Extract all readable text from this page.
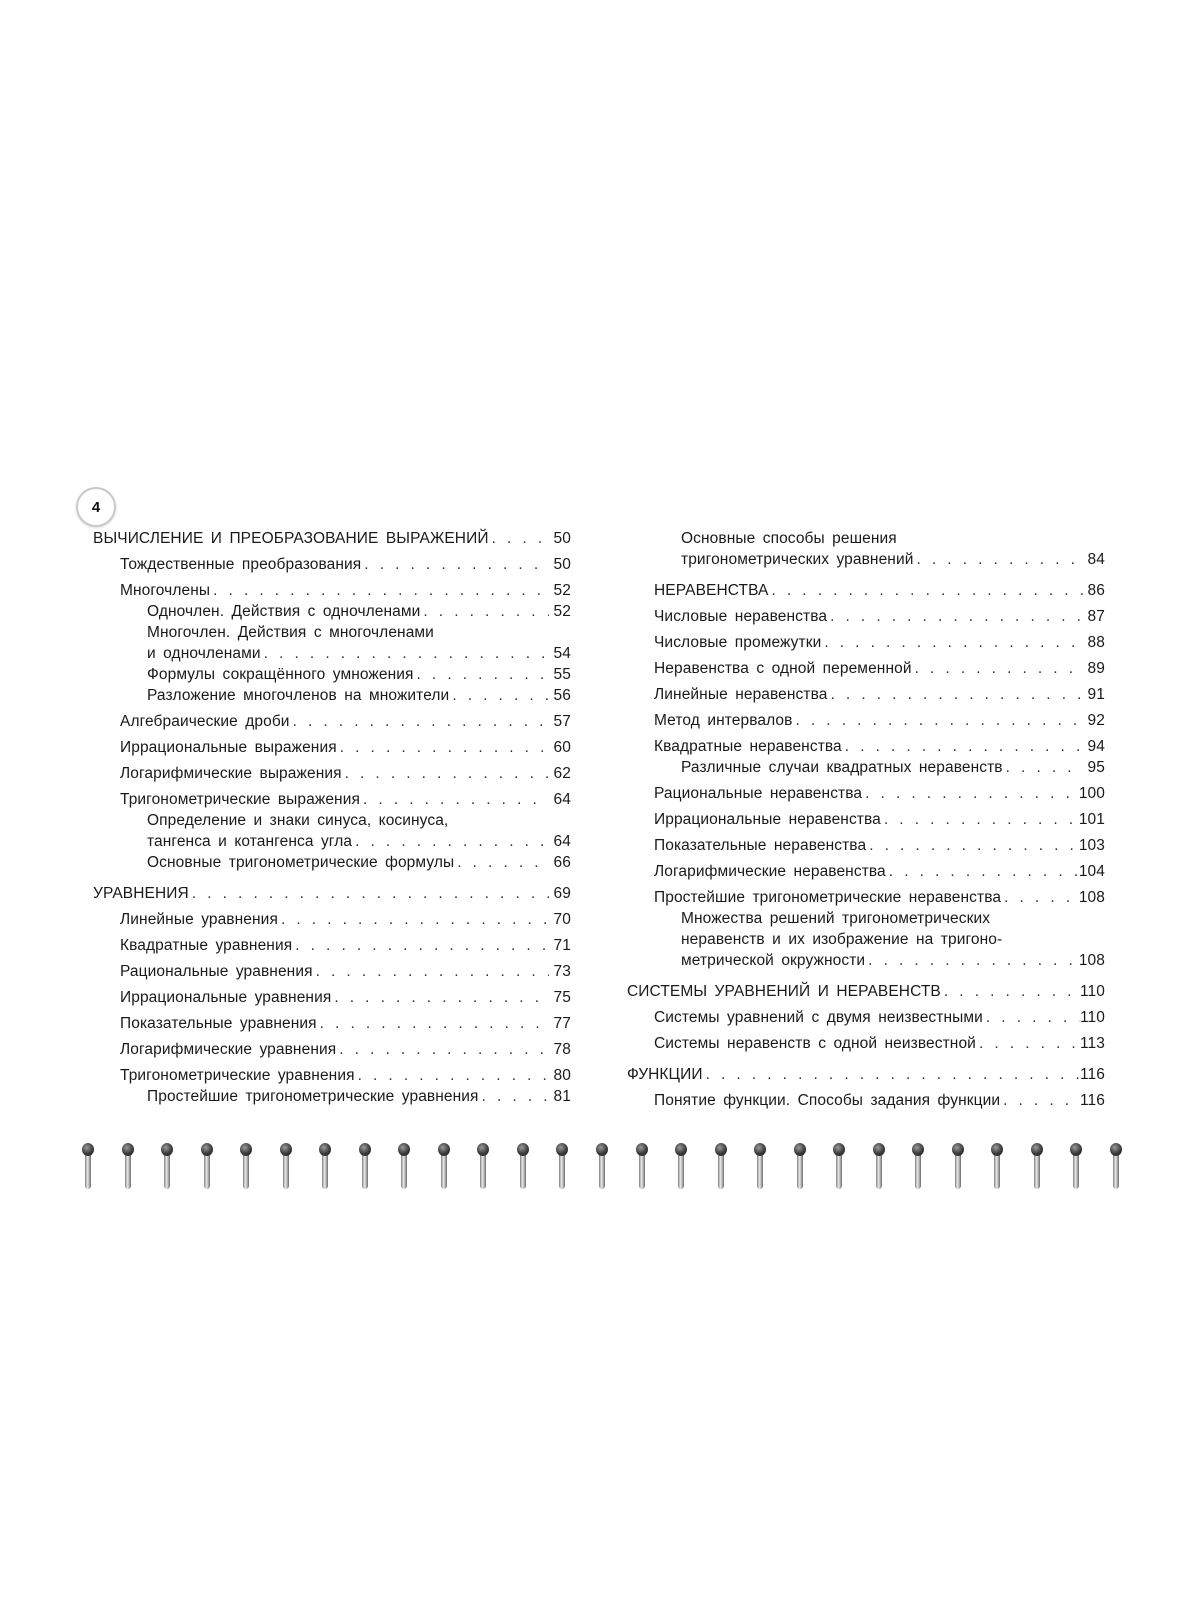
4
ВЫЧИСЛЕНИЕ И ПРЕОБРАЗОВАНИЕ ВЫРАЖЕНИЙ . . .	50
Тождественные преобразования . . .	50
Многочлены . . .	52
Одночлен. Действия с одночленами . . .	52
Многочлен. Действия с многочленами
и одночленами . . .	54
Формулы сокращённого умножения . . .	55
Разложение многочленов на множители . . .	56
Алгебраические дроби . . .	57
Иррациональные выражения . . .	60
Логарифмические выражения . . .	62
Тригонометрические выражения . . .	64
Определение и знаки синуса, косинуса,
тангенса и котангенса угла . . .	64
Основные тригонометрические формулы . . .	66
УРАВНЕНИЯ . . .	69
Линейные уравнения . . .	70
Квадратные уравнения . . .	71
Рациональные уравнения . . .	73
Иррациональные уравнения . . .	75
Показательные уравнения . . .	77
Логарифмические уравнения . . .	78
Тригонометрические уравнения . . .	80
Простейшие тригонометрические уравнения . . .	81
Основные способы решения
тригонометрических уравнений . . .	84
НЕРАВЕНСТВА . . .	86
Числовые неравенства . . .	87
Числовые промежутки . . .	88
Неравенства с одной переменной . . .	89
Линейные неравенства . . .	91
Метод интервалов . . .	92
Квадратные неравенства . . .	94
Различные случаи квадратных неравенств . . .	95
Рациональные неравенства . . .	100
Иррациональные неравенства . . .	101
Показательные неравенства . . .	103
Логарифмические неравенства . . .	104
Простейшие тригонометрические неравенства . . .	108
Множества решений тригонометрических
неравенств и их изображение на тригоно-
метрической окружности . . .	108
СИСТЕМЫ УРАВНЕНИЙ И НЕРАВЕНСТВ . . .	110
Системы уравнений с двумя неизвестными . . .	110
Системы неравенств с одной неизвестной . . .	113
ФУНКЦИИ . . .	116
Понятие функции. Способы задания функции . . .	116
